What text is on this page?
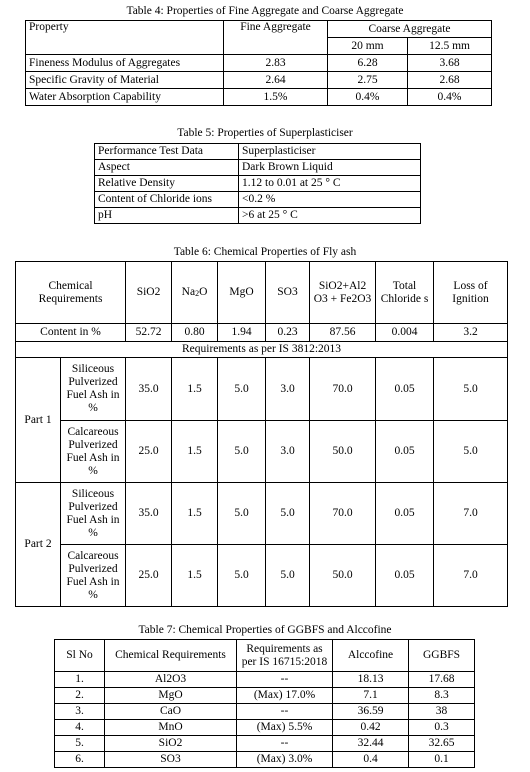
Table 4: Properties of Fine Aggregate and Coarse Aggregate
Property	Fine Aggregate	Coarse Aggregate	
		20 mm	12.5 mm
Fineness Modulus of Aggregates	2.83	6.28	3.68
Specific Gravity of Material	2.64	2.75	2.68
Water Absorption Capability	1.5%	0.4%	0.4%
Table 5: Properties of Superplasticiser
Performance Test Data	Superplasticiser
Aspect	Dark Brown Liquid
Relative Density	1.12 to 0.01 at 25 ° C
Content of Chloride ions	<0.2 %
pH	>6 at 25 ° C
Table 6: Chemical Properties of Fly ash
Chemical Requirements		SiO2	$Na_2O$	MgO	SO3	SiO2+Al2 O3 + Fe2O3	Total Chloride s	Loss of Ignition
Content in %		52.72	0.80	1.94	0.23	87.56	0.004	3.2
Requirements as per IS 3812:2013								
Part 1	Siliceous Pulverized Fuel Ash in %	35.0	1.5	5.0	3.0	70.0	0.05	5.0
	Calcareous Pulverized Fuel Ash in %	25.0	1.5	5.0	3.0	50.0	0.05	5.0
Part 2	Siliceous Pulverized Fuel Ash in %	35.0	1.5	5.0	5.0	70.0	0.05	7.0
	Calcareous Pulverized Fuel Ash in %	25.0	1.5	5.0	5.0	50.0	0.05	7.0
Table 7: Chemical Properties of GGBFS and Alccofine
Sl No	Chemical Requirements	Requirements as per IS 16715:2018	Alccofine	GGBFS
1.	Al2O3	--	18.13	17.68
2.	MgO	(Max) 17.0%	7.1	8.3
3.	CaO	--	36.59	38
4.	MnO	(Max) 5.5%	0.42	0.3
5.	SiO2	--	32.44	32.65
6.	SO3	(Max) 3.0%	0.4	0.1
